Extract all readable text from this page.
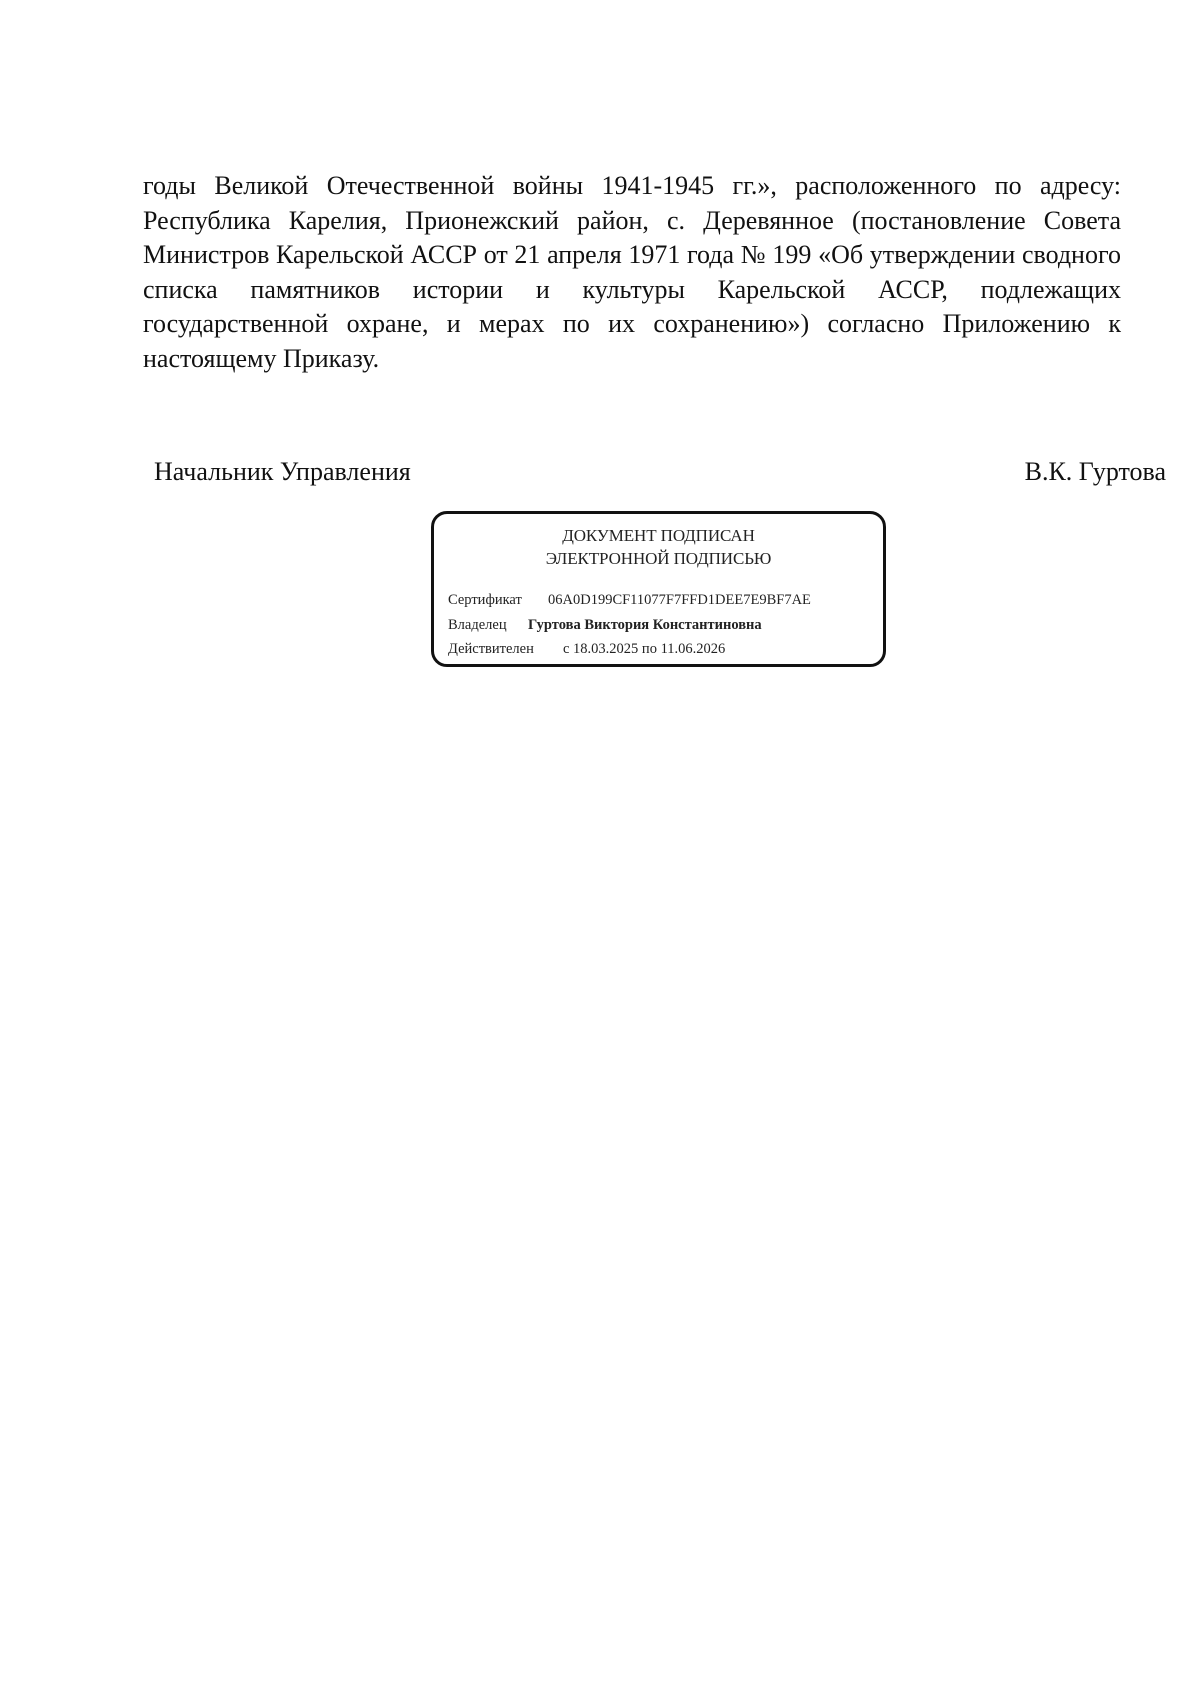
годы Великой Отечественной войны 1941-1945 гг.», расположенного по адресу:
Республика Карелия, Прионежский район, с. Деревянное (постановление Совета
Министров Карельской АССР от 21 апреля 1971 года № 199 «Об утверждении сводного
списка памятников истории и культуры Карельской АССР, подлежащих
государственной охране, и мерах по их сохранению») согласно Приложению к
настоящему Приказу.
Начальник Управления	В.К. Гуртова
ДОКУМЕНТ ПОДПИСАН
ЭЛЕКТРОННОЙ ПОДПИСЬЮ
Сертификат 06A0D199CF11077F7FFD1DEE7E9BF7AE
Владелец Гуртова Виктория Константиновна
Действителен с 18.03.2025 по 11.06.2026
